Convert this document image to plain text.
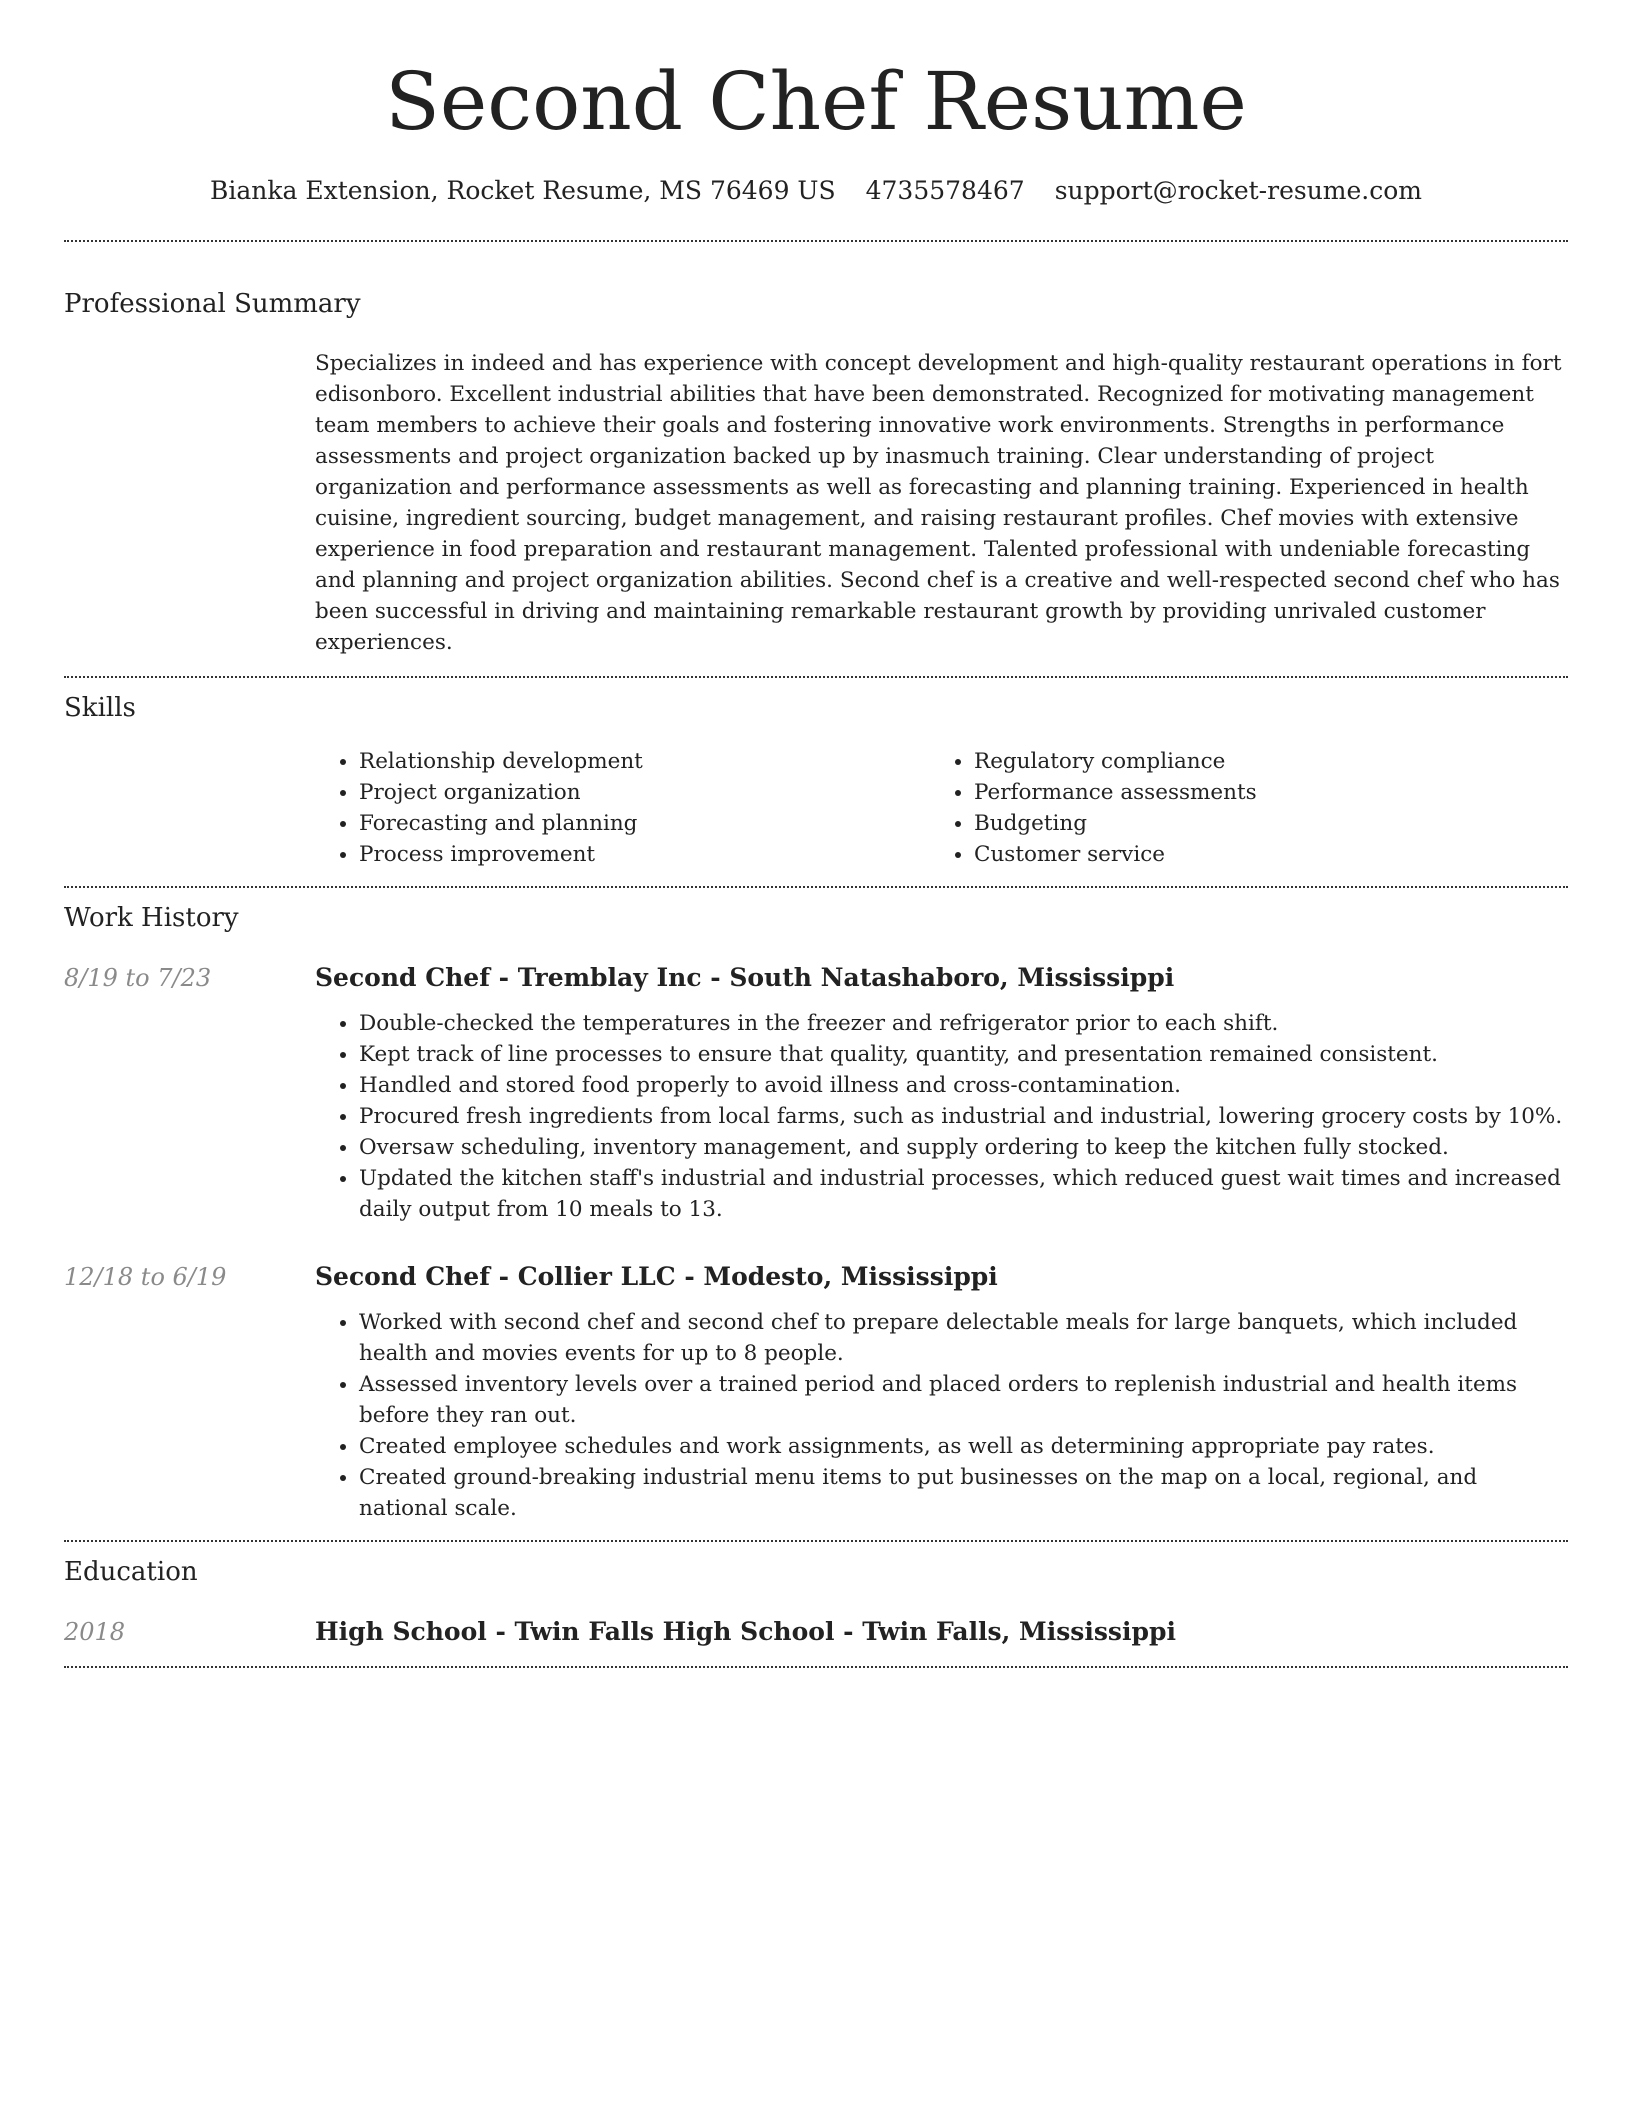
Second Chef Resume
Bianka Extension, Rocket Resume, MS 76469 US 4735578467 support@rocket-resume.com
Professional Summary

Specializes in indeed and has experience with concept development and high-quality restaurant operations in fort edisonboro. Excellent industrial abilities that have been demonstrated. Recognized for motivating management team members to achieve their goals and fostering innovative work environments. Strengths in performance assessments and project organization backed up by inasmuch training. Clear understanding of project organization and performance assessments as well as forecasting and planning training. Experienced in health cuisine, ingredient sourcing, budget management, and raising restaurant profiles. Chef movies with extensive experience in food preparation and restaurant management. Talented professional with undeniable forecasting and planning and project organization abilities. Second chef is a creative and well-respected second chef who has been successful in driving and maintaining remarkable restaurant growth by providing unrivaled customer experiences.

Skills
• Relationship development
• Project organization
• Forecasting and planning
• Process improvement
• Regulatory compliance
• Performance assessments
• Budgeting
• Customer service
Work History
8/19 to 7/23	Second Chef - Tremblay Inc - South Natashaboro, Mississippi
• Double-checked the temperatures in the freezer and refrigerator prior to each shift.
• Kept track of line processes to ensure that quality, quantity, and presentation remained consistent.
• Handled and stored food properly to avoid illness and cross-contamination.
• Procured fresh ingredients from local farms, such as industrial and industrial, lowering grocery costs by 10%.
• Oversaw scheduling, inventory management, and supply ordering to keep the kitchen fully stocked.
• Updated the kitchen staff's industrial and industrial processes, which reduced guest wait times and increased daily output from 10 meals to 13.
12/18 to 6/19	Second Chef - Collier LLC - Modesto, Mississippi
• Worked with second chef and second chef to prepare delectable meals for large banquets, which included health and movies events for up to 8 people.
• Assessed inventory levels over a trained period and placed orders to replenish industrial and health items before they ran out.
• Created employee schedules and work assignments, as well as determining appropriate pay rates.
• Created ground-breaking industrial menu items to put businesses on the map on a local, regional, and national scale.
Education
2018	High School - Twin Falls High School - Twin Falls, Mississippi
